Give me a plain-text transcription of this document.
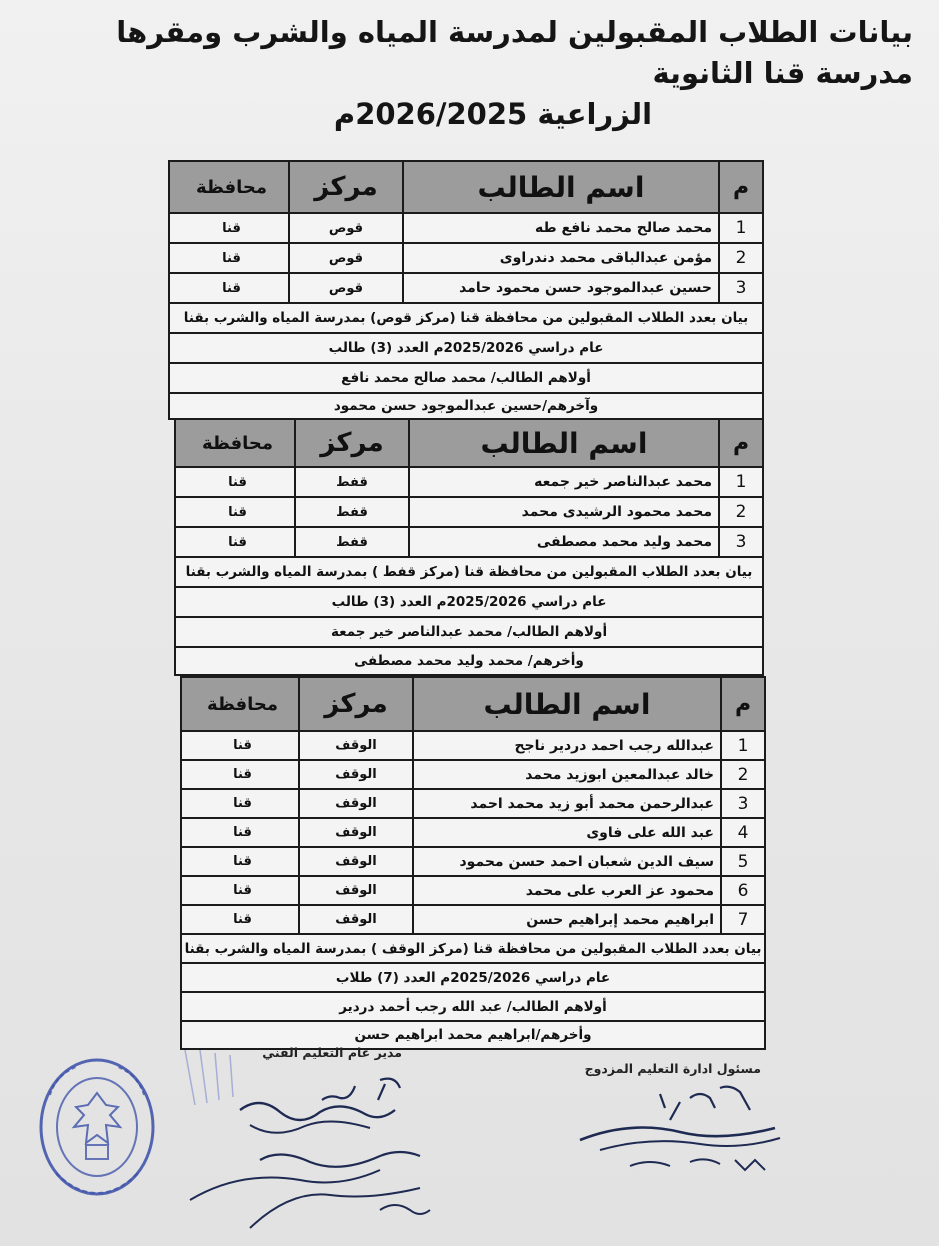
بيانات الطلاب المقبولين لمدرسة المياه والشرب ومقرها مدرسة قنا الثانوية
الزراعية 2026/2025م
م
اسم الطالب
مركز
محافظة
1
محمد صالح محمد نافع طه
قوص
قنا
2
مؤمن عبدالباقى محمد دندراوى
قوص
قنا
3
حسين عبدالموجود حسن محمود حامد
قوص
قنا
بيان بعدد الطلاب المقبولين من محافظة قنا (مركز قوص) بمدرسة المياه والشرب بقنا
عام دراسي 2025/2026م العدد (3) طالب
أولاهم الطالب/ محمد صالح محمد نافع
وآخرهم/حسين عبدالموجود حسن محمود
م
اسم الطالب
مركز
محافظة
1
محمد عبدالناصر خير جمعه
قفط
قنا
2
محمد محمود الرشيدى محمد
قفط
قنا
3
محمد وليد محمد مصطفى
قفط
قنا
بيان بعدد الطلاب المقبولين من محافظة قنا (مركز قفط ) بمدرسة المياه والشرب بقنا
عام دراسي 2025/2026م العدد (3) طالب
أولاهم الطالب/ محمد عبدالناصر خير جمعة
وأخرهم/ محمد وليد محمد مصطفى
م
اسم الطالب
مركز
محافظة
1
عبدالله رجب احمد دردير ناجح
الوقف
قنا
2
خالد عبدالمعين ابوزيد محمد
الوقف
قنا
3
عبدالرحمن محمد أبو زيد محمد احمد
الوقف
قنا
4
عبد الله على فاوى
الوقف
قنا
5
سيف الدين شعبان احمد حسن محمود
الوقف
قنا
6
محمود عز العرب على محمد
الوقف
قنا
7
ابراهيم محمد إبراهيم حسن
الوقف
قنا
بيان بعدد الطلاب المقبولين من محافظة قنا (مركز الوقف ) بمدرسة المياه والشرب بقنا
عام دراسي 2025/2026م العدد (7) طلاب
أولاهم الطالب/ عبد الله رجب أحمد دردير
وأخرهم/ابراهيم محمد ابراهيم حسن
مسئول ادارة التعليم المزدوج
مدير عام التعليم الفني
